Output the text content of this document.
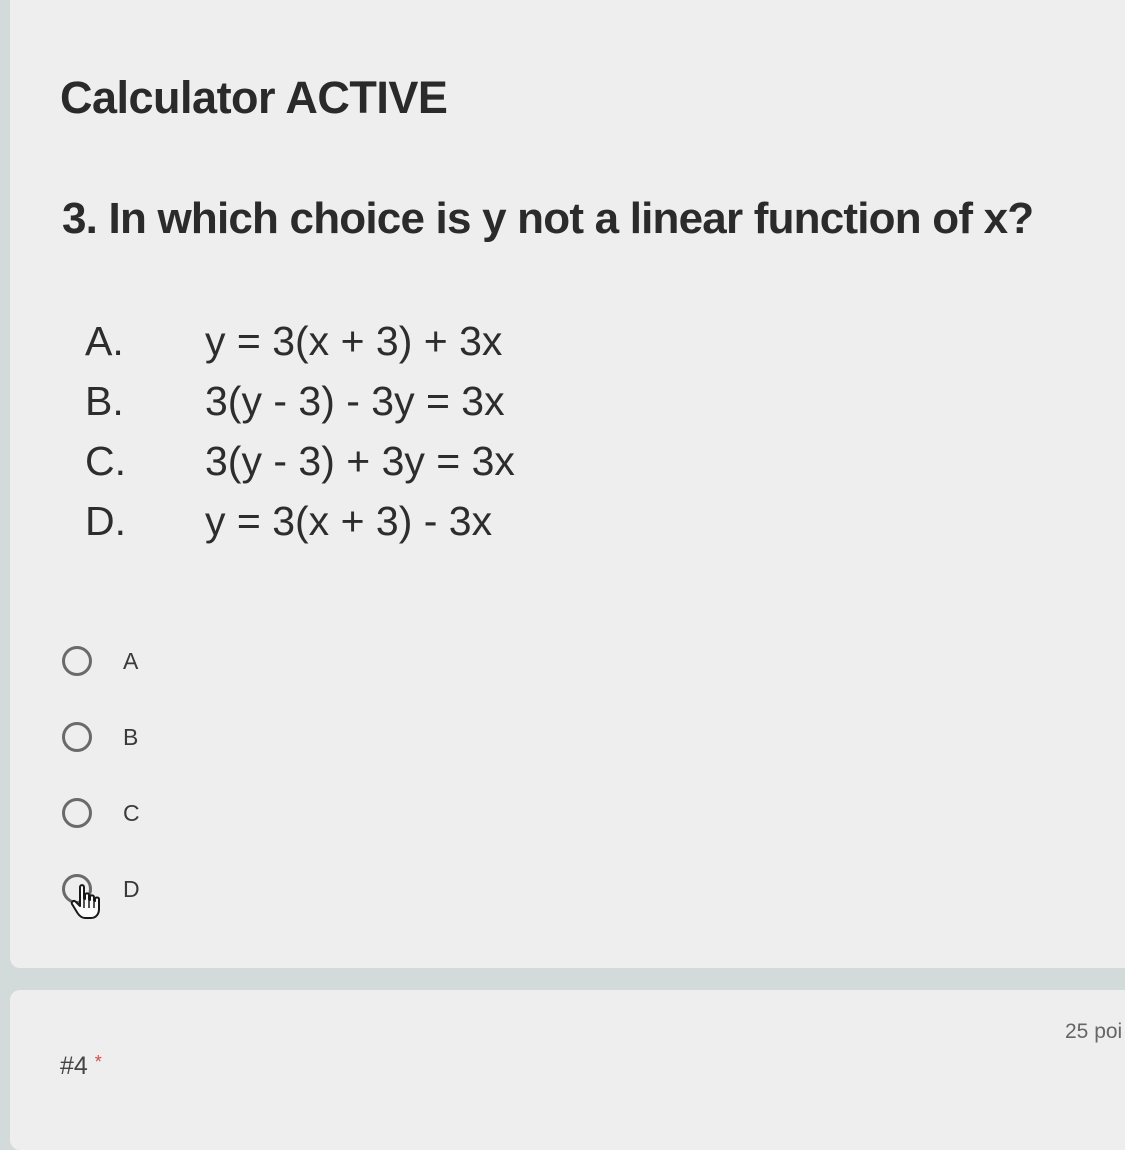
Calculator ACTIVE

3. In which choice is y not a linear function of x?

A.	y = 3(x + 3) + 3x
B.	3(y - 3) - 3y = 3x
C.	3(y - 3) + 3y = 3x
D.	y = 3(x + 3) - 3x
A
B
C
D
#4 *
25 poi
